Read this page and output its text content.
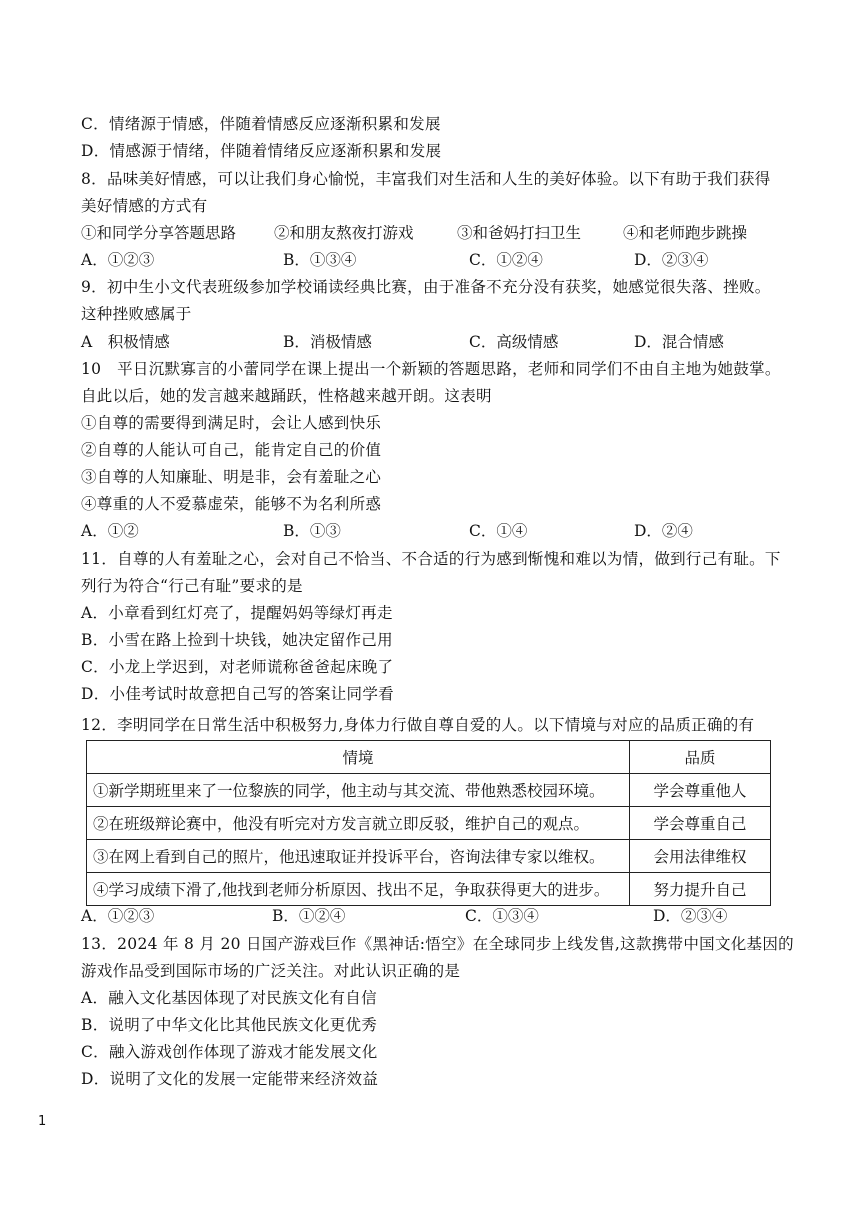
C．情绪源于情感，伴随着情感反应逐渐积累和发展
D．情感源于情绪，伴随着情绪反应逐渐积累和发展
8．品味美好情感，可以让我们身心愉悦，丰富我们对生活和人生的美好体验。以下有助于我们获得
美好情感的方式有
①和同学分享答题思路 ②和朋友熬夜打游戏	③和爸妈打扫卫生	④和老师跑步跳操
A．①②③	B．①③④	C．①②④	D．②③④
9．初中生小文代表班级参加学校诵读经典比赛，由于准备不充分没有获奖，她感觉很失落、挫败。
这种挫败感属于
A　积极情感	B．消极情感	C．高级情感	D．混合情感
10　平日沉默寡言的小蕾同学在课上提出一个新颖的答题思路，老师和同学们不由自主地为她鼓掌。
自此以后，她的发言越来越踊跃，性格越来越开朗。这表明
①自尊的需要得到满足时，会让人感到快乐
②自尊的人能认可自己，能肯定自己的价值
③自尊的人知廉耻、明是非，会有羞耻之心
④尊重的人不爱慕虚荣，能够不为名利所惑
A．①②	B．①③	C．①④	D．②④
11．自尊的人有羞耻之心，会对自己不恰当、不合适的行为感到惭愧和难以为情，做到行己有耻。下
列行为符合“行己有耻”要求的是
A．小章看到红灯亮了，提醒妈妈等绿灯再走
B．小雪在路上捡到十块钱，她决定留作己用
C．小龙上学迟到，对老师谎称爸爸起床晚了
D．小佳考试时故意把自己写的答案让同学看
12．李明同学在日常生活中积极努力,身体力行做自尊自爱的人。以下情境与对应的品质正确的有
情境	品质
①新学期班里来了一位黎族的同学，他主动与其交流、带他熟悉校园环境。	学会尊重他人
②在班级辩论赛中，他没有听完对方发言就立即反驳，维护自己的观点。	学会尊重自己
③在网上看到自己的照片，他迅速取证并投诉平台，咨询法律专家以维权。	会用法律维权
④学习成绩下滑了,他找到老师分析原因、找出不足，争取获得更大的进步。	努力提升自己
A．①②③	B．①②④	C．①③④	D．②③④
13．2024 年 8 月 20 日国产游戏巨作《黑神话:悟空》在全球同步上线发售,这款携带中国文化基因的
游戏作品受到国际市场的广泛关注。对此认识正确的是
A．融入文化基因体现了对民族文化有自信
B．说明了中华文化比其他民族文化更优秀
C．融入游戏创作体现了游戏才能发展文化
D．说明了文化的发展一定能带来经济效益
1
